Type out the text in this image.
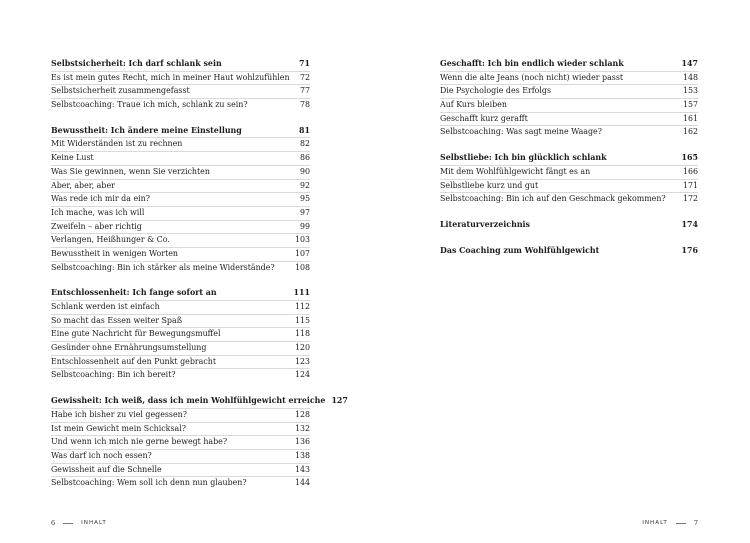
Selbstsicherheit: Ich darf schlank sein	71
Es ist mein gutes Recht, mich in meiner Haut wohlzufühlen	72
Selbstsicherheit zusammengefasst	77
Selbstcoaching: Traue ich mich, schlank zu sein?	78
Bewusstheit: Ich ändere meine Einstellung	81
Mit Widerständen ist zu rechnen	82
Keine Lust	86
Was Sie gewinnen, wenn Sie verzichten	90
Aber, aber, aber	92
Was rede ich mir da ein?	95
Ich mache, was ich will	97
Zweifeln – aber richtig	99
Verlangen, Heißhunger & Co.	103
Bewusstheit in wenigen Worten	107
Selbstcoaching: Bin ich stärker als meine Widerstände?	108
Entschlossenheit: Ich fange sofort an	111
Schlank werden ist einfach	112
So macht das Essen weiter Spaß	115
Eine gute Nachricht für Bewegungsmuffel	118
Gesünder ohne Ernährungsumstellung	120
Entschlossenheit auf den Punkt gebracht	123
Selbstcoaching: Bin ich bereit?	124
Gewissheit: Ich weiß, dass ich mein Wohlfühlgewicht erreiche 127
Habe ich bisher zu viel gegessen?	128
Ist mein Gewicht mein Schicksal?	132
Und wenn ich mich nie gerne bewegt habe?	136
Was darf ich noch essen?	138
Gewissheit auf die Schnelle	143
Selbstcoaching: Wem soll ich denn nun glauben?	144
Geschafft: Ich bin endlich wieder schlank	147
Wenn die alte Jeans (noch nicht) wieder passt	148
Die Psychologie des Erfolgs	153
Auf Kurs bleiben	157
Geschafft kurz gerafft	161
Selbstcoaching: Was sagt meine Waage?	162
Selbstliebe: Ich bin glücklich schlank	165
Mit dem Wohlfühlgewicht fängt es an	166
Selbstliebe kurz und gut	171
Selbstcoaching: Bin ich auf den Geschmack gekommen?	172
Literaturverzeichnis	174
Das Coaching zum Wohlfühlgewicht	176
6	INHALT	INHALT	7
